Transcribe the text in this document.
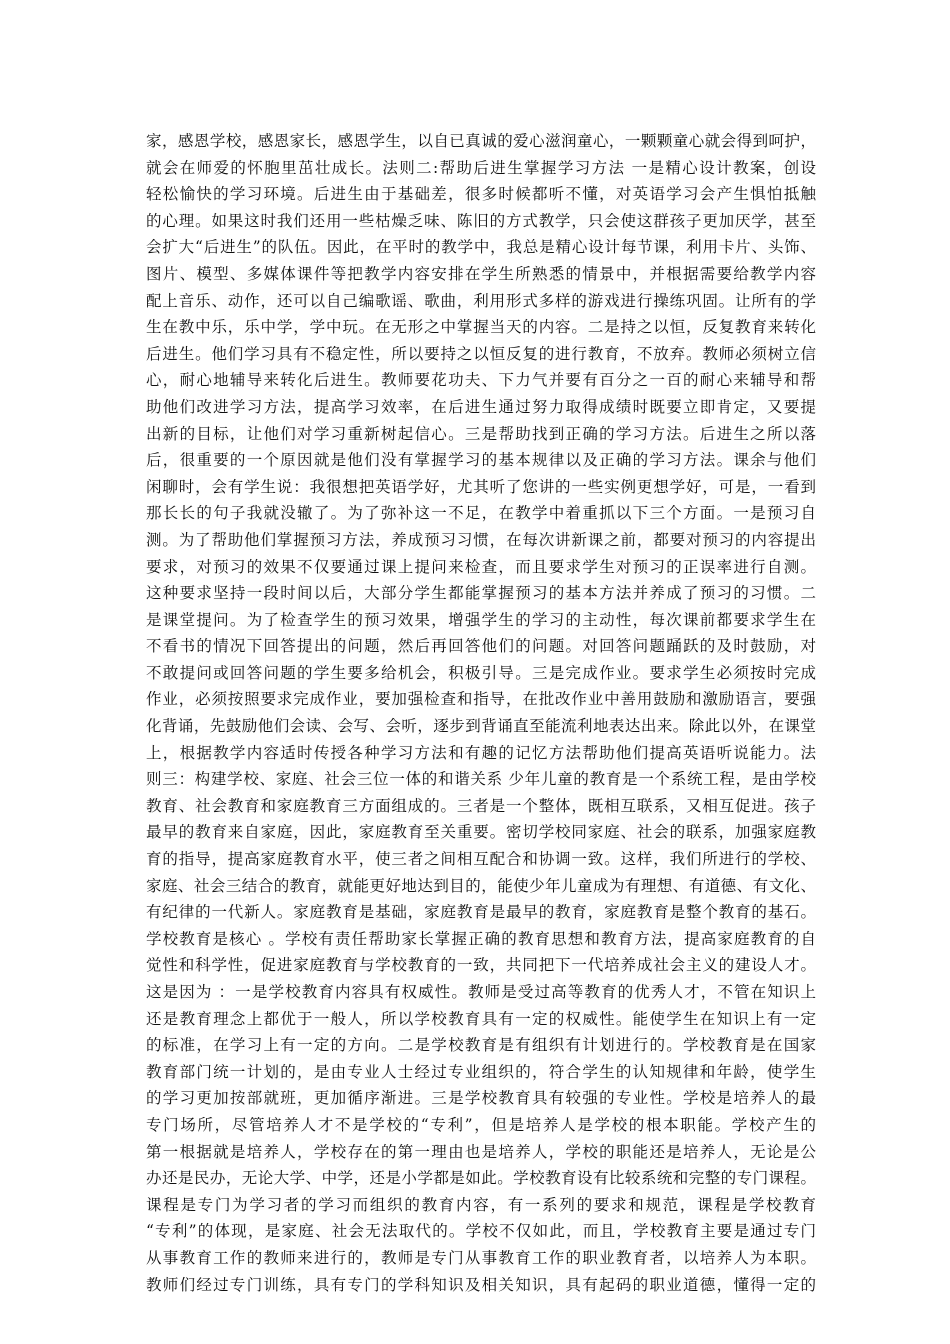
家，感恩学校，感恩家长，感恩学生，以自已真诚的爱心滋润童心，一颗颗童心就会得到呵护，
就会在师爱的怀胞里茁壮成长。法则二:帮助后进生掌握学习方法 一是精心设计教案，创设
轻松愉快的学习环境。后进生由于基础差，很多时候都听不懂，对英语学习会产生惧怕抵触
的心理。如果这时我们还用一些枯燥乏味、陈旧的方式教学，只会使这群孩子更加厌学，甚至
会扩大“后进生”的队伍。因此，在平时的教学中，我总是精心设计每节课，利用卡片、头饰、
图片、模型、多媒体课件等把教学内容安排在学生所熟悉的情景中，并根据需要给教学内容
配上音乐、动作，还可以自己编歌谣、歌曲，利用形式多样的游戏进行操练巩固。让所有的学
生在教中乐，乐中学，学中玩。在无形之中掌握当天的内容。二是持之以恒，反复教育来转化
后进生。他们学习具有不稳定性，所以要持之以恒反复的进行教育，不放弃。教师必须树立信
心，耐心地辅导来转化后进生。教师要花功夫、下力气并要有百分之一百的耐心来辅导和帮
助他们改进学习方法，提高学习效率，在后进生通过努力取得成绩时既要立即肯定，又要提
出新的目标，让他们对学习重新树起信心。三是帮助找到正确的学习方法。后进生之所以落
后，很重要的一个原因就是他们没有掌握学习的基本规律以及正确的学习方法。课余与他们
闲聊时，会有学生说：我很想把英语学好，尤其听了您讲的一些实例更想学好，可是，一看到
那长长的句子我就没辙了。为了弥补这一不足，在教学中着重抓以下三个方面。一是预习自
测。为了帮助他们掌握预习方法，养成预习习惯，在每次讲新课之前，都要对预习的内容提出
要求，对预习的效果不仅要通过课上提问来检查，而且要求学生对预习的正误率进行自测。
这种要求坚持一段时间以后，大部分学生都能掌握预习的基本方法并养成了预习的习惯。二
是课堂提问。为了检查学生的预习效果，增强学生的学习的主动性，每次课前都要求学生在
不看书的情况下回答提出的问题，然后再回答他们的问题。对回答问题踊跃的及时鼓励，对
不敢提问或回答问题的学生要多给机会，积极引导。三是完成作业。要求学生必须按时完成
作业，必须按照要求完成作业，要加强检查和指导，在批改作业中善用鼓励和激励语言，要强
化背诵，先鼓励他们会读、会写、会听，逐步到背诵直至能流利地表达出来。除此以外，在课堂
上，根据教学内容适时传授各种学习方法和有趣的记忆方法帮助他们提高英语听说能力。法
则三：构建学校、家庭、社会三位一体的和谐关系 少年儿童的教育是一个系统工程，是由学校
教育、社会教育和家庭教育三方面组成的。三者是一个整体，既相互联系，又相互促进。孩子
最早的教育来自家庭，因此，家庭教育至关重要。密切学校同家庭、社会的联系，加强家庭教
育的指导，提高家庭教育水平，使三者之间相互配合和协调一致。这样，我们所进行的学校、
家庭、社会三结合的教育，就能更好地达到目的，能使少年儿童成为有理想、有道德、有文化、
有纪律的一代新人。家庭教育是基础，家庭教育是最早的教育，家庭教育是整个教育的基石。
学校教育是核心 。学校有责任帮助家长掌握正确的教育思想和教育方法，提高家庭教育的自
觉性和科学性，促进家庭教育与学校教育的一致，共同把下一代培养成社会主义的建设人才。
这是因为 ：一是学校教育内容具有权威性。教师是受过高等教育的优秀人才，不管在知识上
还是教育理念上都优于一般人，所以学校教育具有一定的权威性。能使学生在知识上有一定
的标准，在学习上有一定的方向。二是学校教育是有组织有计划进行的。学校教育是在国家
教育部门统一计划的，是由专业人士经过专业组织的，符合学生的认知规律和年龄，使学生
的学习更加按部就班，更加循序渐进。三是学校教育具有较强的专业性。学校是培养人的最
专门场所，尽管培养人才不是学校的“专利”，但是培养人是学校的根本职能。学校产生的
第一根据就是培养人，学校存在的第一理由也是培养人，学校的职能还是培养人，无论是公
办还是民办，无论大学、中学，还是小学都是如此。学校教育设有比较系统和完整的专门课程。
课程是专门为学习者的学习而组织的教育内容，有一系列的要求和规范，课程是学校教育
“专利”的体现，是家庭、社会无法取代的。学校不仅如此，而且，学校教育主要是通过专门
从事教育工作的教师来进行的，教师是专门从事教育工作的职业教育者，以培养人为本职。
教师们经过专门训练，具有专门的学科知识及相关知识，具有起码的职业道德，懂得一定的
